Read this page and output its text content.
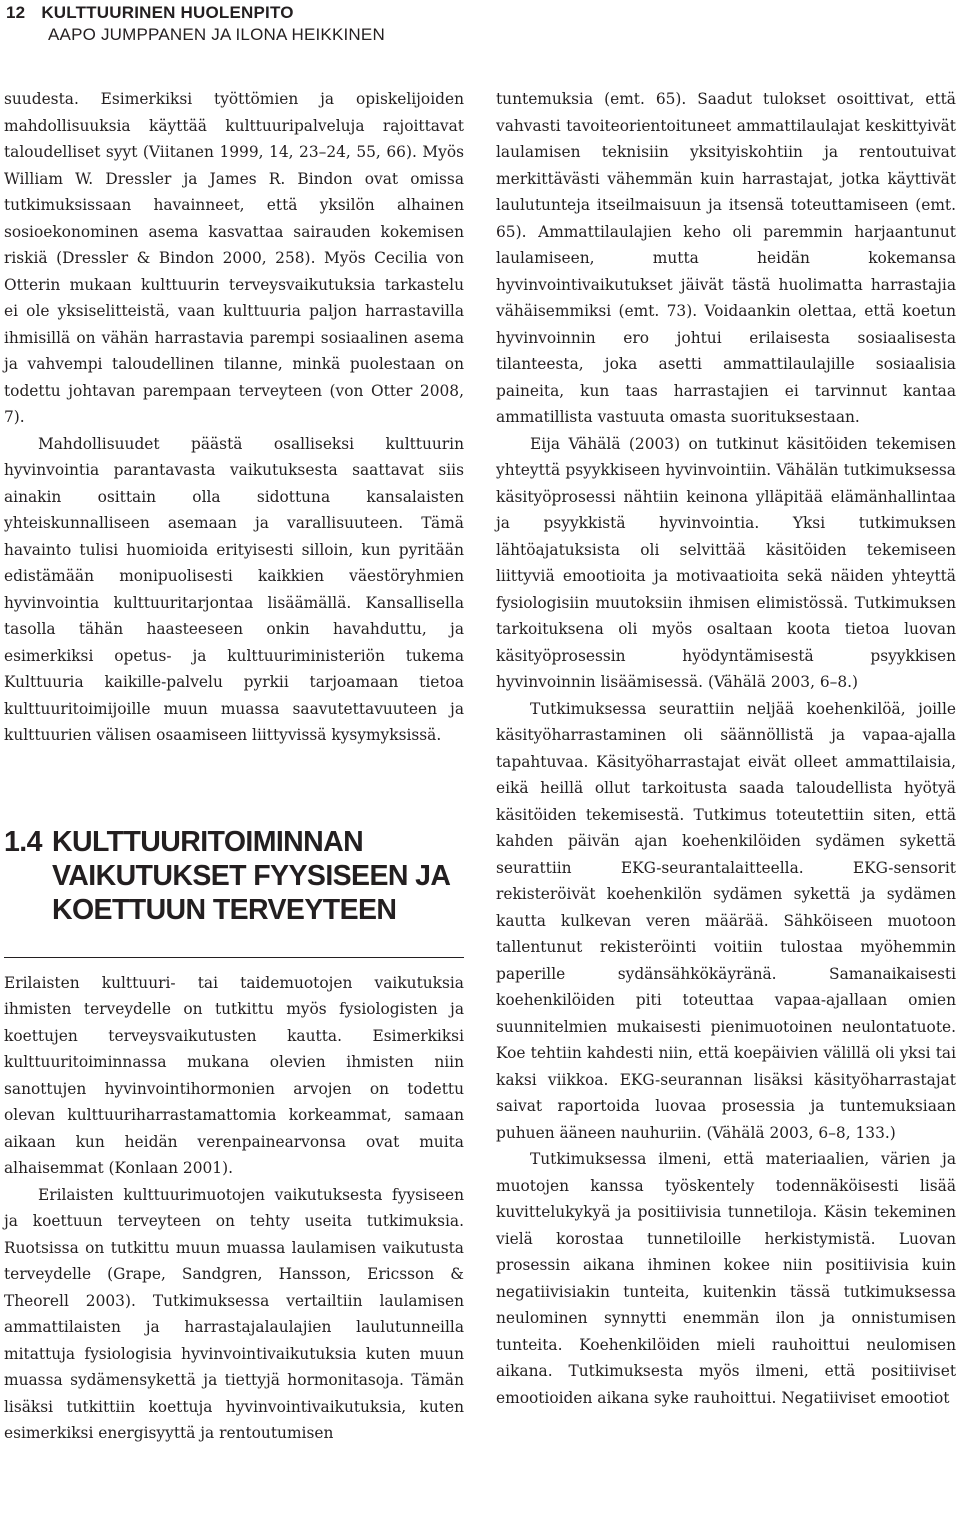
12 KULTTUURINEN HUOLENPITO
AAPO JUMPPANEN JA ILONA HEIKKINEN

suudesta. Esimerkiksi työttömien ja opiskelijoiden mahdollisuuksia käyttää kulttuuripalveluja rajoittavat taloudelliset syyt (Viitanen 1999, 14, 23–24, 55, 66). Myös William W. Dressler ja James R. Bindon ovat omissa tutkimuksissaan havainneet, että yksilön alhainen sosioekonominen asema kasvattaa sairauden kokemisen riskiä (Dressler & Bindon 2000, 258). Myös Cecilia von Otterin mukaan kulttuurin terveysvaikutuksia tarkastelu ei ole yksiselitteistä, vaan kulttuuria paljon harrastavilla ihmisillä on vähän harrastavia parempi sosiaalinen asema ja vahvempi taloudellinen tilanne, minkä puolestaan on todettu johtavan parempaan terveyteen (von Otter 2008, 7).

Mahdollisuudet päästä osalliseksi kulttuurin hyvinvointia parantavasta vaikutuksesta saattavat siis ainakin osittain olla sidottuna kansalaisten yhteiskunnalliseen asemaan ja varallisuuteen. Tämä havainto tulisi huomioida erityisesti silloin, kun pyritään edistämään monipuolisesti kaikkien väestöryhmien hyvinvointia kulttuuritarjontaa lisäämällä. Kansallisella tasolla tähän haasteeseen onkin havahduttu, ja esimerkiksi opetus- ja kulttuuriministeriön tukema Kulttuuria kaikille-palvelu pyrkii tarjoamaan tietoa kulttuuritoimijoille muun muassa saavutettavuuteen ja kulttuurien välisen osaamiseen liittyvissä kysymyksissä.

1.4 KULTTUURITOIMINNAN
VAIKUTUKSET FYYSISEEN JA
KOETTUUN TERVEYTEEN

Erilaisten kulttuuri- tai taidemuotojen vaikutuksia ihmisten terveydelle on tutkittu myös fysiologisten ja koettujen terveysvaikutusten kautta. Esimerkiksi kulttuuritoiminnassa mukana olevien ihmisten niin sanottujen hyvinvointihormonien arvojen on todettu olevan kulttuuriharrastamattomia korkeammat, samaan aikaan kun heidän verenpainearvonsa ovat muita alhaisemmat (Konlaan 2001).

Erilaisten kulttuurimuotojen vaikutuksesta fyysiseen ja koettuun terveyteen on tehty useita tutkimuksia. Ruotsissa on tutkittu muun muassa laulamisen vaikutusta terveydelle (Grape, Sandgren, Hansson, Ericsson & Theorell 2003). Tutkimuksessa vertailtiin laulamisen ammattilaisten ja harrastajalaulajien laulutunneilla mitattuja fysiologisia hyvinvointivaikutuksia kuten muun muassa sydämensykettä ja tiettyjä hormonitasoja. Tämän lisäksi tutkittiin koettuja hyvinvointivaikutuksia, kuten esimerkiksi energisyyttä ja rentoutumisen

tuntemuksia (emt. 65). Saadut tulokset osoittivat, että vahvasti tavoiteorientoituneet ammattilaulajat keskittyivät laulamisen teknisiin yksityiskohtiin ja rentoutuivat merkittävästi vähemmän kuin harrastajat, jotka käyttivät laulutunteja itseilmaisuun ja itsensä toteuttamiseen (emt. 65). Ammattilaulajien keho oli paremmin harjaantunut laulamiseen, mutta heidän kokemansa hyvinvointivaikutukset jäivät tästä huolimatta harrastajia vähäisemmiksi (emt. 73). Voidaankin olettaa, että koetun hyvinvoinnin ero johtui erilaisesta sosiaalisesta tilanteesta, joka asetti ammattilaulajille sosiaalisia paineita, kun taas harrastajien ei tarvinnut kantaa ammatillista vastuuta omasta suorituksestaan.

Eija Vähälä (2003) on tutkinut käsitöiden tekemisen yhteyttä psyykkiseen hyvinvointiin. Vähälän tutkimuksessa käsityöprosessi nähtiin keinona ylläpitää elämänhallintaa ja psyykkistä hyvinvointia. Yksi tutkimuksen lähtöajatuksista oli selvittää käsitöiden tekemiseen liittyviä emootioita ja motivaatioita sekä näiden yhteyttä fysiologisiin muutoksiin ihmisen elimistössä. Tutkimuksen tarkoituksena oli myös osaltaan koota tietoa luovan käsityöprosessin hyödyntämisestä psyykkisen hyvinvoinnin lisäämisessä. (Vähälä 2003, 6–8.)

Tutkimuksessa seurattiin neljää koehenkilöä, joille käsityöharrastaminen oli säännöllistä ja vapaa-ajalla tapahtuvaa. Käsityöharrastajat eivät olleet ammattilaisia, eikä heillä ollut tarkoitusta saada taloudellista hyötyä käsitöiden tekemisestä. Tutkimus toteutettiin siten, että kahden päivän ajan koehenkilöiden sydämen sykettä seurattiin EKG-seurantalaitteella. EKG-sensorit rekisteröivät koehenkilön sydämen sykettä ja sydämen kautta kulkevan veren määrää. Sähköiseen muotoon tallentunut rekisteröinti voitiin tulostaa myöhemmin paperille sydänsähkökäyränä. Samanaikaisesti koehenkilöiden piti toteuttaa vapaa-ajallaan omien suunnitelmien mukaisesti pienimuotoinen neulontatuote. Koe tehtiin kahdesti niin, että koepäivien välillä oli yksi tai kaksi viikkoa. EKG-seurannan lisäksi käsityöharrastajat saivat raportoida luovaa prosessia ja tuntemuksiaan puhuen ääneen nauhuriin. (Vähälä 2003, 6–8, 133.)

Tutkimuksessa ilmeni, että materiaalien, värien ja muotojen kanssa työskentely todennäköisesti lisää kuvittelukykyä ja positiivisia tunnetiloja. Käsin tekeminen vielä korostaa tunnetiloille herkistymistä. Luovan prosessin aikana ihminen kokee niin positiivisia kuin negatiivisiakin tunteita, kuitenkin tässä tutkimuksessa neulominen synnytti enemmän ilon ja onnistumisen tunteita. Koehenkilöiden mieli rauhoittui neulomisen aikana. Tutkimuksesta myös ilmeni, että positiiviset emootioiden aikana syke rauhoittui. Negatiiviset emootiot
